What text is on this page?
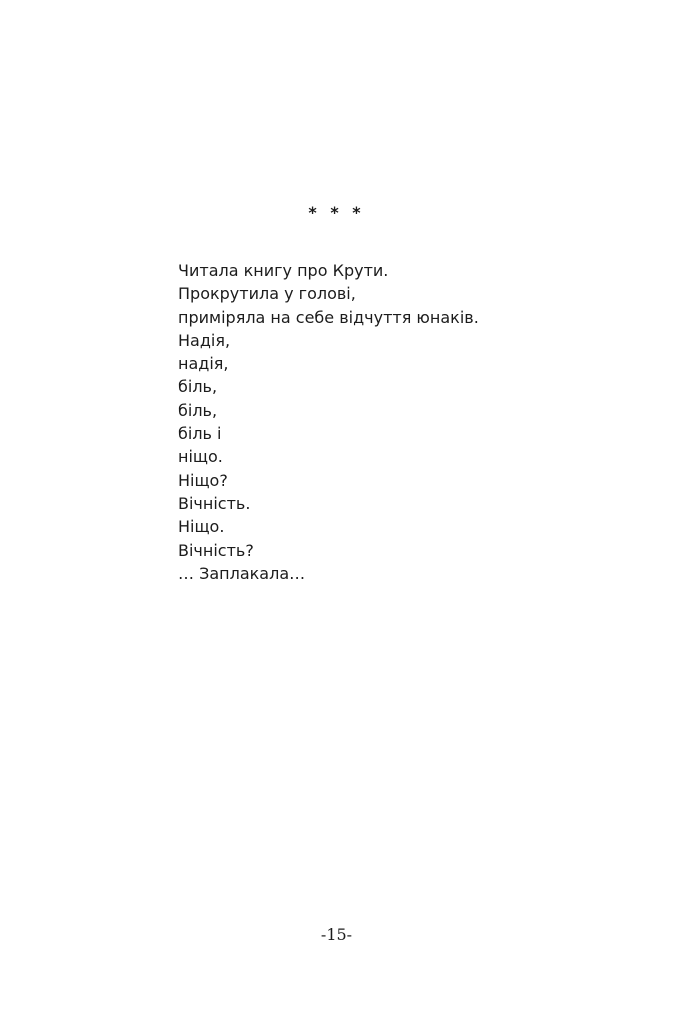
* * *
Читала книгу про Крути.
Прокрутила у голові,
приміряла на себе відчуття юнаків.
Надія,
надія,
біль,
біль,
біль і
ніщо.
Ніщо?
Вічність.
Ніщо.
Вічність?
… Заплакала…
-15-
